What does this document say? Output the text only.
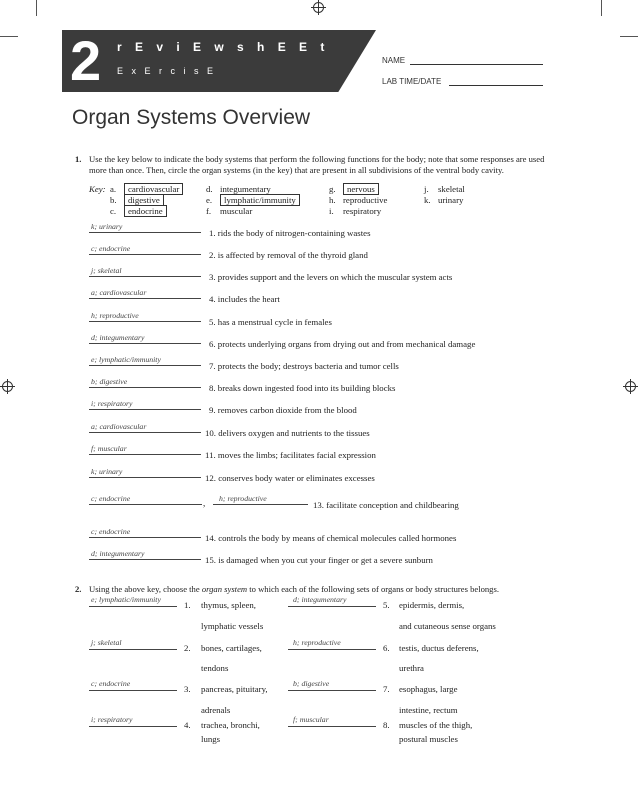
2 r E v i E w s h E E t
E x E r c i s E
NAME
LAB TIME/DATE
Organ Systems Overview
1. Use the key below to indicate the body systems that perform the following functions for the body; note that some responses are used more than once. Then, circle the organ systems (in the key) that are present in all subdivisions of the ventral body cavity.
Key: a. cardiovascular
b. digestive
c. endocrine
d. integumentary
e. lymphatic/immunity
f. muscular
g. nervous
h. reproductive
i. respiratory
j. skeletal
k. urinary
k; urinary
1. rids the body of nitrogen-containing wastes
c; endocrine
2. is affected by removal of the thyroid gland
j; skeletal
3. provides support and the levers on which the muscular system acts
a; cardiovascular
4. includes the heart
h; reproductive
5. has a menstrual cycle in females
d; integumentary
6. protects underlying organs from drying out and from mechanical damage
e; lymphatic/immunity
7. protects the body; destroys bacteria and tumor cells
b; digestive
8. breaks down ingested food into its building blocks
i; respiratory
9. removes carbon dioxide from the blood
a; cardiovascular
10. delivers oxygen and nutrients to the tissues
f; muscular
11. moves the limbs; facilitates facial expression
k; urinary
12. conserves body water or eliminates excesses
c; endocrine	, h; reproductive
13. facilitate conception and childbearing
c; endocrine
14. controls the body by means of chemical molecules called hormones
d; integumentary
15. is damaged when you cut your finger or get a severe sunburn
2. Using the above key, choose the organ system to which each of the following sets of organs or body structures belongs.
e; lymphatic/immunity
1. thymus, spleen,
lymphatic vessels
j; skeletal
2. bones, cartilages,
tendons
c; endocrine
3. pancreas, pituitary,
adrenals
i; respiratory
4. trachea, bronchi,
lungs
d; integumentary
5. epidermis, dermis,
and cutaneous sense organs
h; reproductive
6. testis, ductus deferens,
urethra
b; digestive
7. esophagus, large
intestine, rectum
f; muscular
8. muscles of the thigh,
postural muscles
